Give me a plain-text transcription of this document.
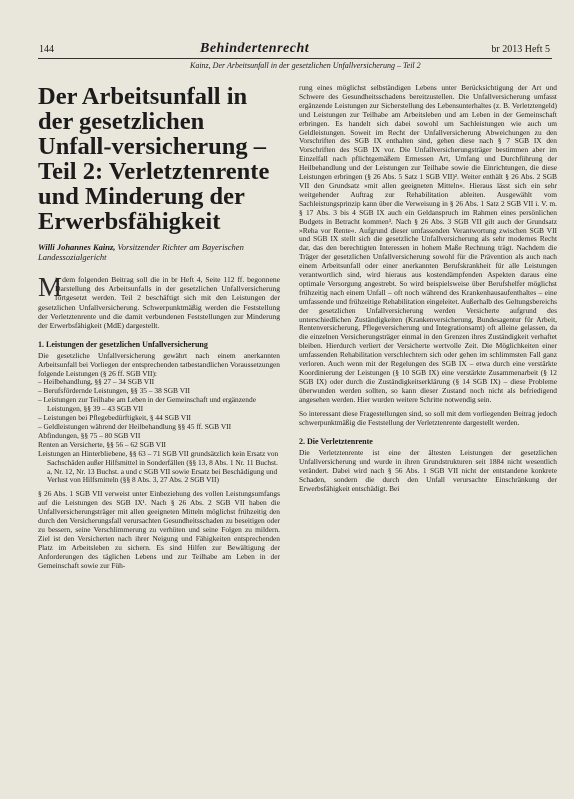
144	Behindertenrecht	br 2013 Heft 5
Kainz, Der Arbeitsunfall in der gesetzlichen Unfallversicherung – Teil 2
Der Arbeitsunfall in der gesetzlichen Unfall-versicherung – Teil 2: Verletztenrente und Minderung der Erwerbsfähigkeit
Willi Johannes Kainz, Vorsitzender Richter am Bayerischen Landessozialgericht
M
it dem folgenden Beitrag soll die in br Heft 4, Seite 112 ff. begonnene Darstellung des Arbeitsunfalls in der gesetzlichen Unfallversicherung fortgesetzt werden. Teil 2 beschäftigt sich mit den Leistungen der gesetzlichen Unfallversicherung. Schwerpunktmäßig werden die Feststellung der Verletztenrente und die damit verbundenen Feststellungen zur Minderung der Erwerbsfähigkeit (MdE) dargestellt.
1. Leistungen der gesetzlichen Unfallversicherung

Die gesetzliche Unfallversicherung gewährt nach einem anerkannten Arbeitsunfall bei Vorliegen der entsprechenden tatbestandlichen Voraussetzungen folgende Leistungen (§ 26 ff. SGB VII):

– Heilbehandlung, §§ 27 – 34 SGB VII
– Berufsfördernde Leistungen, §§ 35 – 38 SGB VII
– Leistungen zur Teilhabe am Leben in der Gemeinschaft und ergänzende Leistungen, §§ 39 – 43 SGB VII
– Leistungen bei Pflegebedürftigkeit, § 44 SGB VII
– Geldleistungen während der Heilbehandlung §§ 45 ff. SGB VII
Abfindungen, §§ 75 – 80 SGB VII
Renten an Versicherte, §§ 56 – 62 SGB VII
Leistungen an Hinterbliebene, §§ 63 – 71 SGB VII grundsätzlich kein Ersatz von Sachschäden außer Hilfsmittel in Sonderfällen (§§ 13, 8 Abs. 1 Nr. 11 Buchst. a, Nr. 12, Nr. 13 Buchst. a und c SGB VII sowie Ersatz bei Beschädigung und Verlust von Hilfsmitteln (§§ 8 Abs. 3, 27 Abs. 2 SGB VII)

§ 26 Abs. 1 SGB VII verweist unter Einbeziehung des vollen Leistungsumfangs auf die Leistungen des SGB IX¹. Nach § 26 Abs. 2 SGB VII haben die Unfallversicherungsträger mit allen geeigneten Mitteln möglichst frühzeitig den durch den Versicherungsfall verursachten Gesundheitsschaden zu beseitigen oder zu bessern, seine Verschlimmerung zu verhüten und seine Folgen zu mildern. Ziel ist den Versicherten nach ihrer Neigung und Fähigkeiten entsprechenden Platz im Arbeitsleben zu sichern. Es sind Hilfen zur Bewältigung der Anforderungen des täglichen Lebens und zur Teilhabe am Leben in der Gemeinschaft sowie zur Füh-

rung eines möglichst selbständigen Lebens unter Berücksichtigung der Art und Schwere des Gesundheitsschadens bereitzustellen. Die Unfallversicherung umfasst ergänzende Leistungen zur Sicherstellung des Lebensunterhaltes (z. B. Verletztengeld) und Leistungen zur Teilhabe am Arbeitsleben und am Leben in der Gemeinschaft erbringen. Es handelt sich dabei sowohl um Sachleistungen wie auch um Geldleistungen. Soweit im Recht der Unfallversicherung Abweichungen zu den Vorschriften des SGB IX enthalten sind, gehen diese nach § 7 SGB IX den Vorschriften des SGB IX vor. Die Unfallversicherungsträger bestimmen aber im Einzelfall nach pflichtgemäßem Ermessen Art, Umfang und Durchführung der Heilbehandlung und der Leistungen zur Teilhabe sowie die Einrichtungen, die diese Leistungen erbringen (§ 26 Abs. 5 Satz 1 SGB VII)². Weiter enthält § 26 Abs. 2 SGB VII den Grundsatz »mit allen geeigneten Mitteln«. Hieraus lässt sich ein sehr weitgehender Auftrag zur Rehabilitation ableiten. Ausgewählt vom Sachleistungsprinzip kann über die Verweisung in § 26 Abs. 1 Satz 2 SGB VII i. V. m. § 17 Abs. 3 bis 4 SGB IX auch ein Geldanspruch im Rahmen eines persönlichen Budgets in Betracht kommen³. Nach § 26 Abs. 3 SGB VII gilt auch der Grundsatz »Reha vor Rente«. Aufgrund dieser umfassenden Verantwortung zwischen SGB VII und SGB IX stellt sich die gesetzliche Unfallversicherung als sehr modernes Recht dar, das den berechtigten Interessen in hohem Maße Rechnung trägt. Nachdem die Träger der gesetzlichen Unfallversicherung sowohl für die Prävention als auch nach einem Arbeitsunfall oder einer anerkannten Berufskrankheit für alle Leistungen verantwortlich sind, wird hieraus aus kostendämpfenden Aspekten daraus eine optimale Versorgung angestrebt. So wird beispielsweise über Berufshelfer möglichst frühzeitig nach einem Unfall – oft noch während des Krankenhausaufenthaltes – eine umfassende und frühzeitige Rehabilitation eingeleitet. Außerhalb des Geltungsbereichs der gesetzlichen Unfallversicherung werden Versicherte aufgrund des unterschiedlichen Zuständigkeiten (Krankenversicherung, Bundesagentur für Arbeit, Rentenversicherung, Pflegeversicherung und Integrationsamt) oft alleine gelassen, da die einzelnen Versicherungsträger einmal in den Grenzen ihres Zuständigkeit verhaftet bleiben. Hierdurch verliert der Versicherte wertvolle Zeit. Die Möglichkeiten einer umfassenden Rehabilitation verschlechtern sich oder gehen im schlimmsten Fall ganz verloren. Auch wenn mit der Regelungen des SGB IX – etwa durch eine verstärkte Koordinierung der Leistungen (§ 10 SGB IX) eine verstärkte Zusammenarbeit (§ 12 SGB IX) oder durch die Zuständigkeitserklärung (§ 14 SGB IX) – diese Probleme überwunden werden sollten, so kann dieser Zustand noch nicht als befriedigend angesehen werden. Hier wurden weitere Schritte notwendig sein.

So interessant diese Fragestellungen sind, so soll mit dem vorliegenden Beitrag jedoch schwerpunktmäßig die Feststellung der Verletztenrente dargestellt werden.

2. Die Verletztenrente

Die Verletztenrente ist eine der ältesten Leistungen der gesetzlichen Unfallversicherung und wurde in ihren Grundstrukturen seit 1884 nicht wesentlich verändert. Dabei wird nach § 56 Abs. 1 SGB VII nicht der entstandene konkrete Schaden, sondern die durch den Unfall verursachte Einschränkung der Erwerbsfähigkeit entschädigt. Bei
